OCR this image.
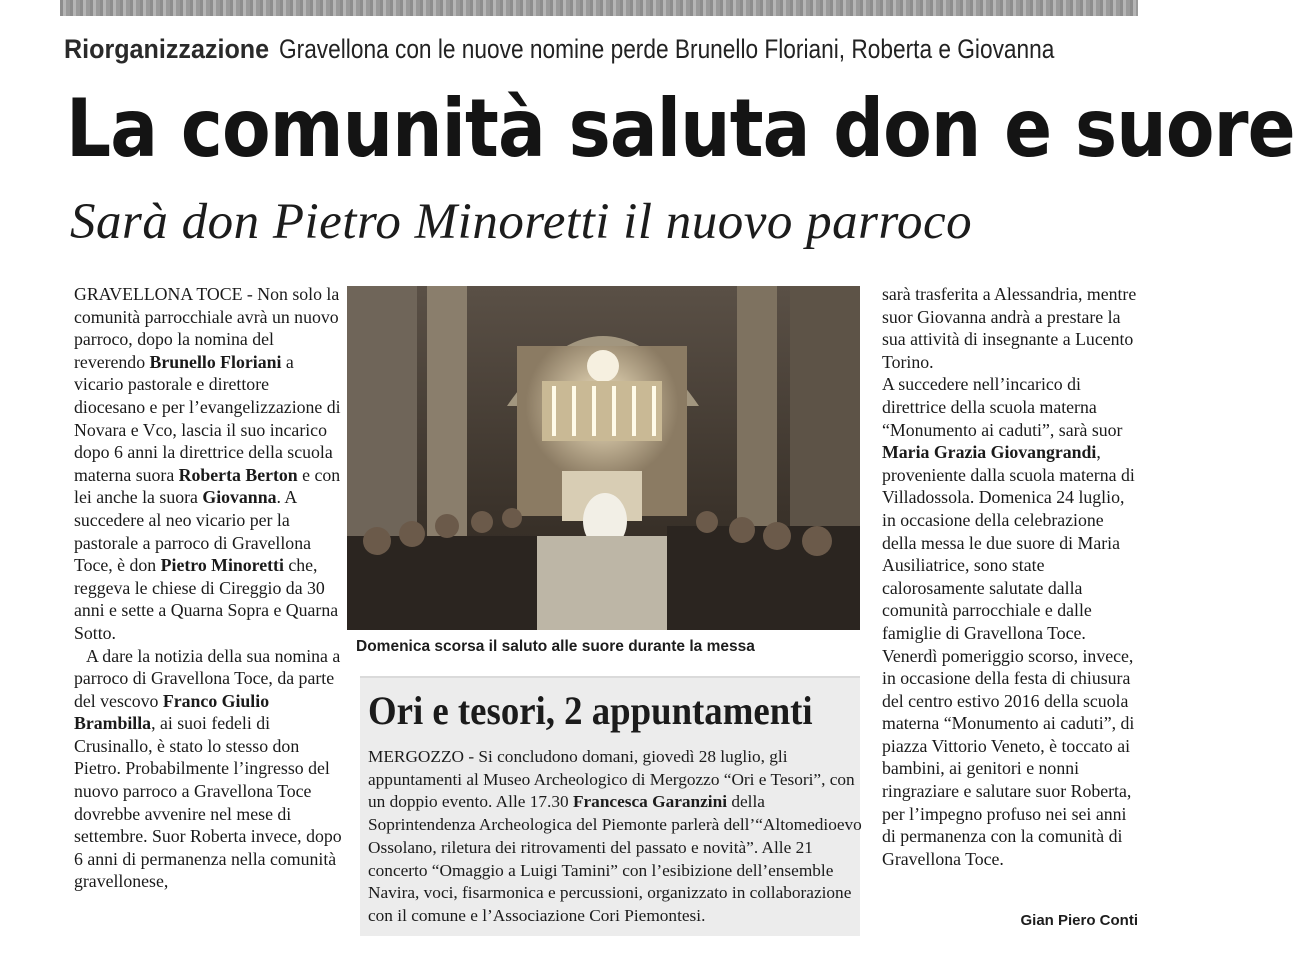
Riorganizzazione Gravellona con le nuove nomine perde Brunello Floriani, Roberta e Giovanna
La comunità saluta don e suore
Sarà don Pietro Minoretti il nuovo parroco

GRAVELLONA TOCE - Non solo la comunità parrocchiale avrà un nuovo parroco, dopo la nomina del reverendo Brunello Floriani a vicario pastorale e direttore diocesano e per l’evangelizzazione di Novara e Vco, lascia il suo incarico dopo 6 anni la direttrice della scuola materna suora Roberta Berton e con lei anche la suora Giovanna. A succedere al neo vicario per la pastorale a parroco di Gravellona Toce, è don Pietro Minoretti che, reggeva le chiese di Cireggio da 30 anni e sette a Quarna Sopra e Quarna Sotto.

A dare la notizia della sua nomina a parroco di Gravellona Toce, da parte del vescovo Franco Giulio Brambilla, ai suoi fedeli di Crusinallo, è stato lo stesso don Pietro. Probabilmente l’ingresso del nuovo parroco a Gravellona Toce dovrebbe avvenire nel mese di settembre. Suor Roberta invece, dopo 6 anni di permanenza nella comunità gravellonese,

Domenica scorsa il saluto alle suore durante la messa
Ori e tesori, 2 appuntamenti
MERGOZZO - Si concludono domani, giovedì 28 luglio, gli appuntamenti al Museo Archeologico di Mergozzo “Ori e Tesori”, con un doppio evento. Alle 17.30 Francesca Garanzini della Soprintendenza Archeologica del Piemonte parlerà dell’“Altomedioevo Ossolano, riletura dei ritrovamenti del passato e novità”. Alle 21 concerto “Omaggio a Luigi Tamini” con l’esibizione dell’ensemble Navira, voci, fisarmonica e percussioni, organizzato in collaborazione con il comune e l’Associazione Cori Piemontesi.

sarà trasferita a Alessandria, mentre suor Giovanna andrà a prestare la sua attività di insegnante a Lucento Torino.

A succedere nell’incarico di direttrice della scuola materna “Monumento ai caduti”, sarà suor Maria Grazia Giovangrandi, proveniente dalla scuola materna di Villadossola. Domenica 24 luglio, in occasione della celebrazione della messa le due suore di Maria Ausiliatrice, sono state calorosamente salutate dalla comunità parrocchiale e dalle famiglie di Gravellona Toce.

Venerdì pomeriggio scorso, invece, in occasione della festa di chiusura del centro estivo 2016 della scuola materna “Monumento ai caduti”, di piazza Vittorio Veneto, è toccato ai bambini, ai genitori e nonni ringraziare e salutare suor Roberta, per l’impegno profuso nei sei anni di permanenza con la comunità di Gravellona Toce.

Gian Piero Conti
